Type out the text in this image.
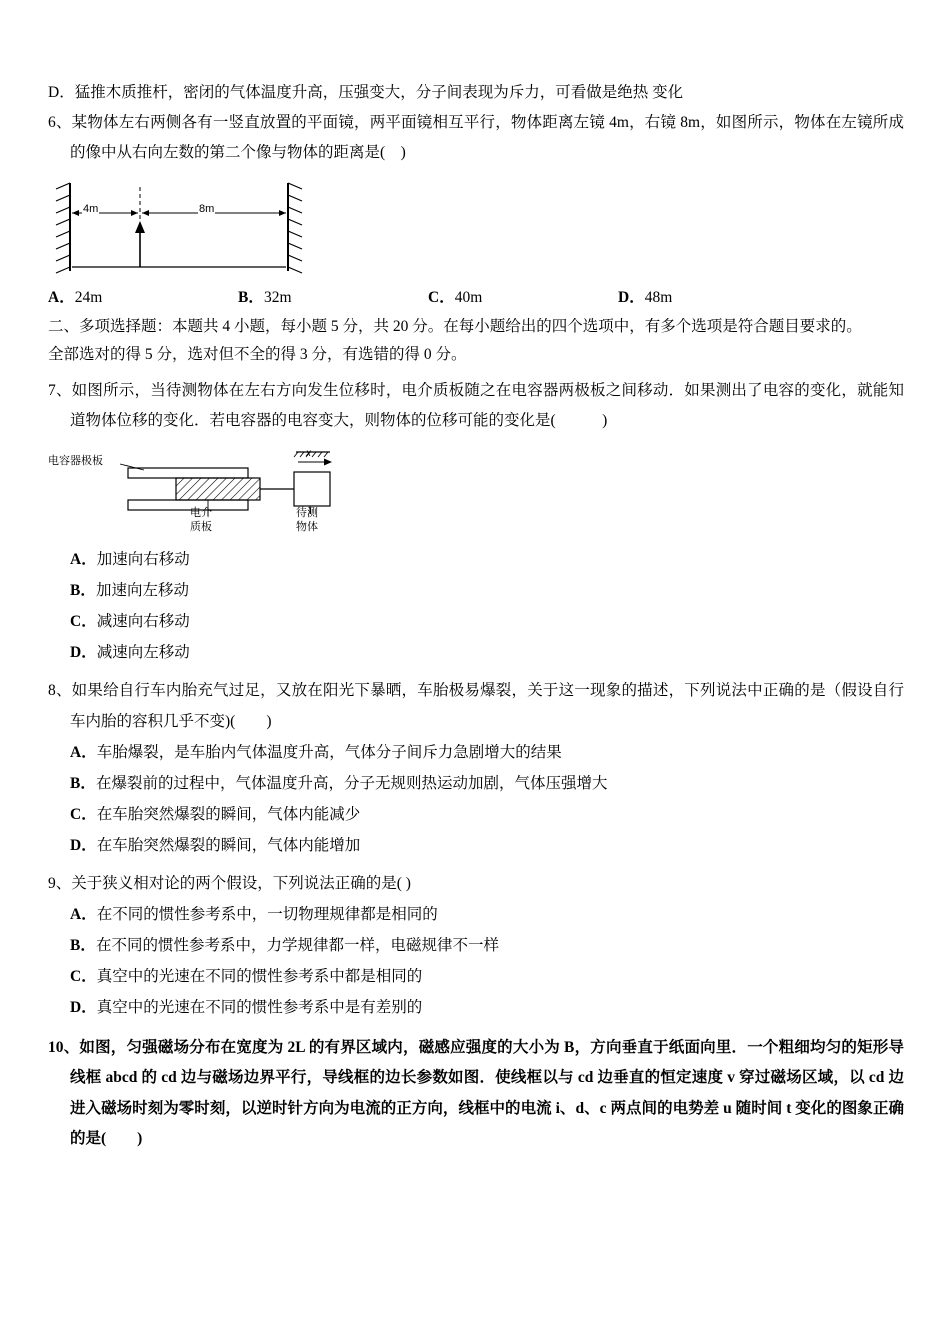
D．猛推木质推杆，密闭的气体温度升高，压强变大，分子间表现为斥力，可看做是绝热 变化
6、某物体左右两侧各有一竖直放置的平面镜，两平面镜相互平行，物体距离左镜 4m，右镜 8m，如图所示，物体在左镜所成的像中从右向左数的第二个像与物体的距离是(　)
4m	8m
A．24m	B．32m	C．40m	D．48m
二、多项选择题：本题共 4 小题，每小题 5 分，共 20 分。在每小题给出的四个选项中，有多个选项是符合题目要求的。
全部选对的得 5 分，选对但不全的得 3 分，有选错的得 0 分。
7、如图所示，当待测物体在左右方向发生位移时，电介质板随之在电容器两极板之间移动．如果测出了电容的变化，就能知道物体位移的变化．若电容器的电容变大，则物体的位移可能的变化是(　　　)
电容器极板
电介
质板
待测
物体
x
A．加速向右移动
B．加速向左移动
C．减速向右移动
D．减速向左移动
8、如果给自行车内胎充气过足，又放在阳光下暴晒，车胎极易爆裂，关于这一现象的描述，下列说法中正确的是（假设自行车内胎的容积几乎不变)(　　)
A．车胎爆裂，是车胎内气体温度升高，气体分子间斥力急剧增大的结果
B．在爆裂前的过程中，气体温度升高，分子无规则热运动加剧，气体压强增大
C．在车胎突然爆裂的瞬间，气体内能减少
D．在车胎突然爆裂的瞬间，气体内能增加
9、关于狭义相对论的两个假设，下列说法正确的是( )
A．在不同的惯性参考系中，一切物理规律都是相同的
B．在不同的惯性参考系中，力学规律都一样，电磁规律不一样
C．真空中的光速在不同的惯性参考系中都是相同的
D．真空中的光速在不同的惯性参考系中是有差别的
10、如图，匀强磁场分布在宽度为 2L 的有界区域内，磁感应强度的大小为 B，方向垂直于纸面向里．一个粗细均匀的矩形导线框 abcd 的 cd 边与磁场边界平行，导线框的边长参数如图．使线框以与 cd 边垂直的恒定速度 v 穿过磁场区域，以 cd 边进入磁场时刻为零时刻，以逆时针方向为电流的正方向，线框中的电流 i、d、c 两点间的电势差 u 随时间 t 变化的图象正确的是(　　)
